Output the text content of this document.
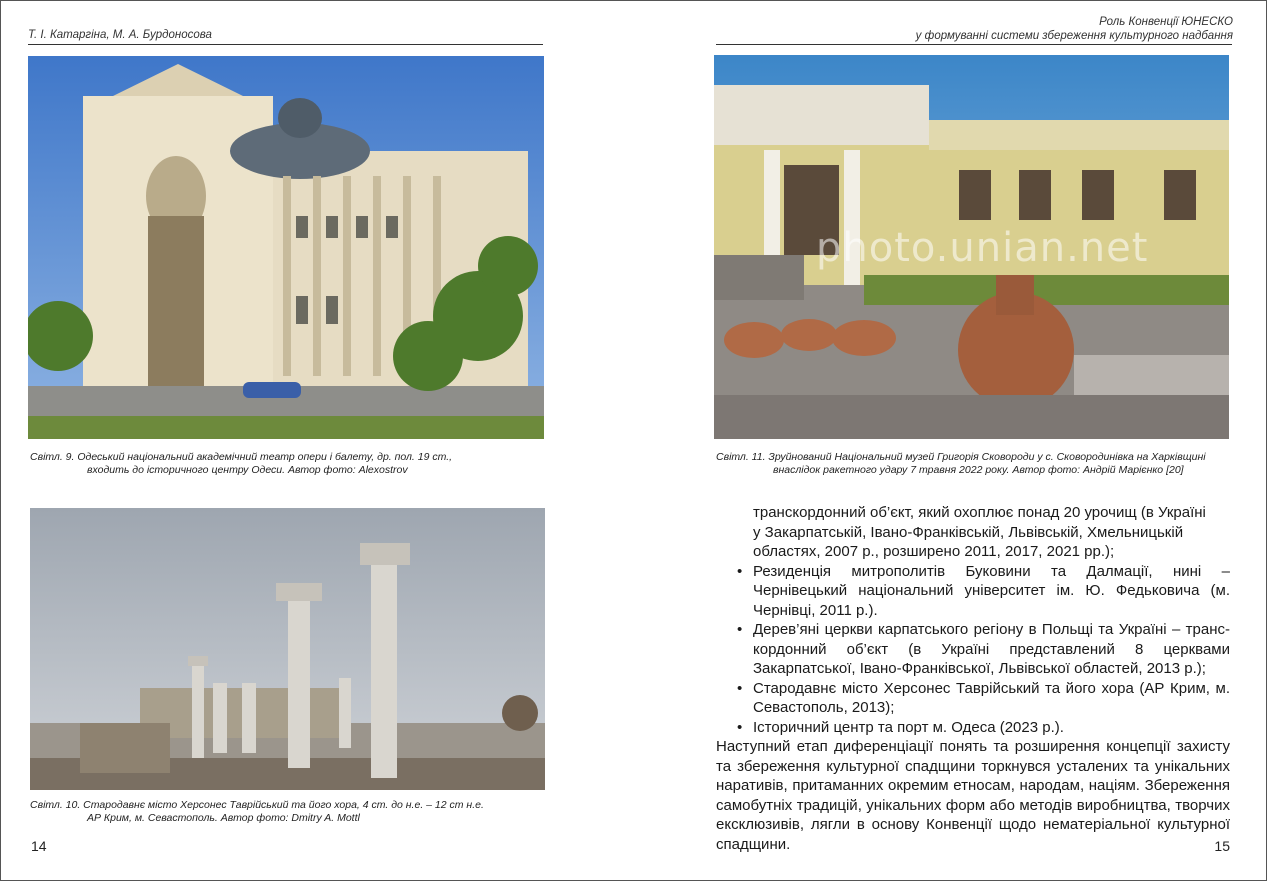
Т. І. Катаргіна, М. А. Бурдоносова
Роль Конвенції ЮНЕСКО
у формуванні системи збереження культурного надбання
Світл. 9. Одеський національний академічний театр опери і балету, др. пол. 19 ст.,
входить до історичного центру Одеси. Автор фото: Alexostrov
Світл. 10. Стародавнє місто Херсонес Таврійський та його хора, 4 ст. до н.е. – 12 ст н.е.
АР Крим, м. Севастополь. Автор фото: Dmitry A. Mottl
photo.unian.net
Світл. 11. Зруйнований Національний музей Григорія Сковороди у с. Сковородинівка на Харківщині
внаслідок ракетного удару 7 травня 2022 року. Автор фото: Андрій Марієнко [20]
транскордонний об’єкт, який охоплює понад 20 урочищ (в Україні
у Закарпатській, Івано-Франківській, Львівській, Хмельницькій
областях, 2007 р., розширено 2011, 2017, 2021 рр.);
• Резиденція митрополитів Буковини та Далмації, нині – Чернівецький національний університет ім. Ю. Федьковича (м. Чернівці, 2011 р.).
• Дерев’яні церкви карпатського регіону в Польщі та Україні – транскордонний об’єкт (в Україні представлений 8 церквами Закарпатської, Івано-Франківської, Львівської областей, 2013 р.);
• Стародавнє місто Херсонес Таврійський та його хора (АР Крим, м. Севастополь, 2013);
• Історичний центр та порт м. Одеса (2023 р.).
Наступний етап диференціації понять та розширення концепції захисту та збереження культурної спадщини торкнувся усталених та унікальних наративів, притаманних окремим етносам, народам, націям. Збереження самобутніх традицій, унікальних форм або методів виробництва, творчих ексклюзивів, лягли в основу Конвенції щодо нематеріальної культурної спадщини.
14	15
